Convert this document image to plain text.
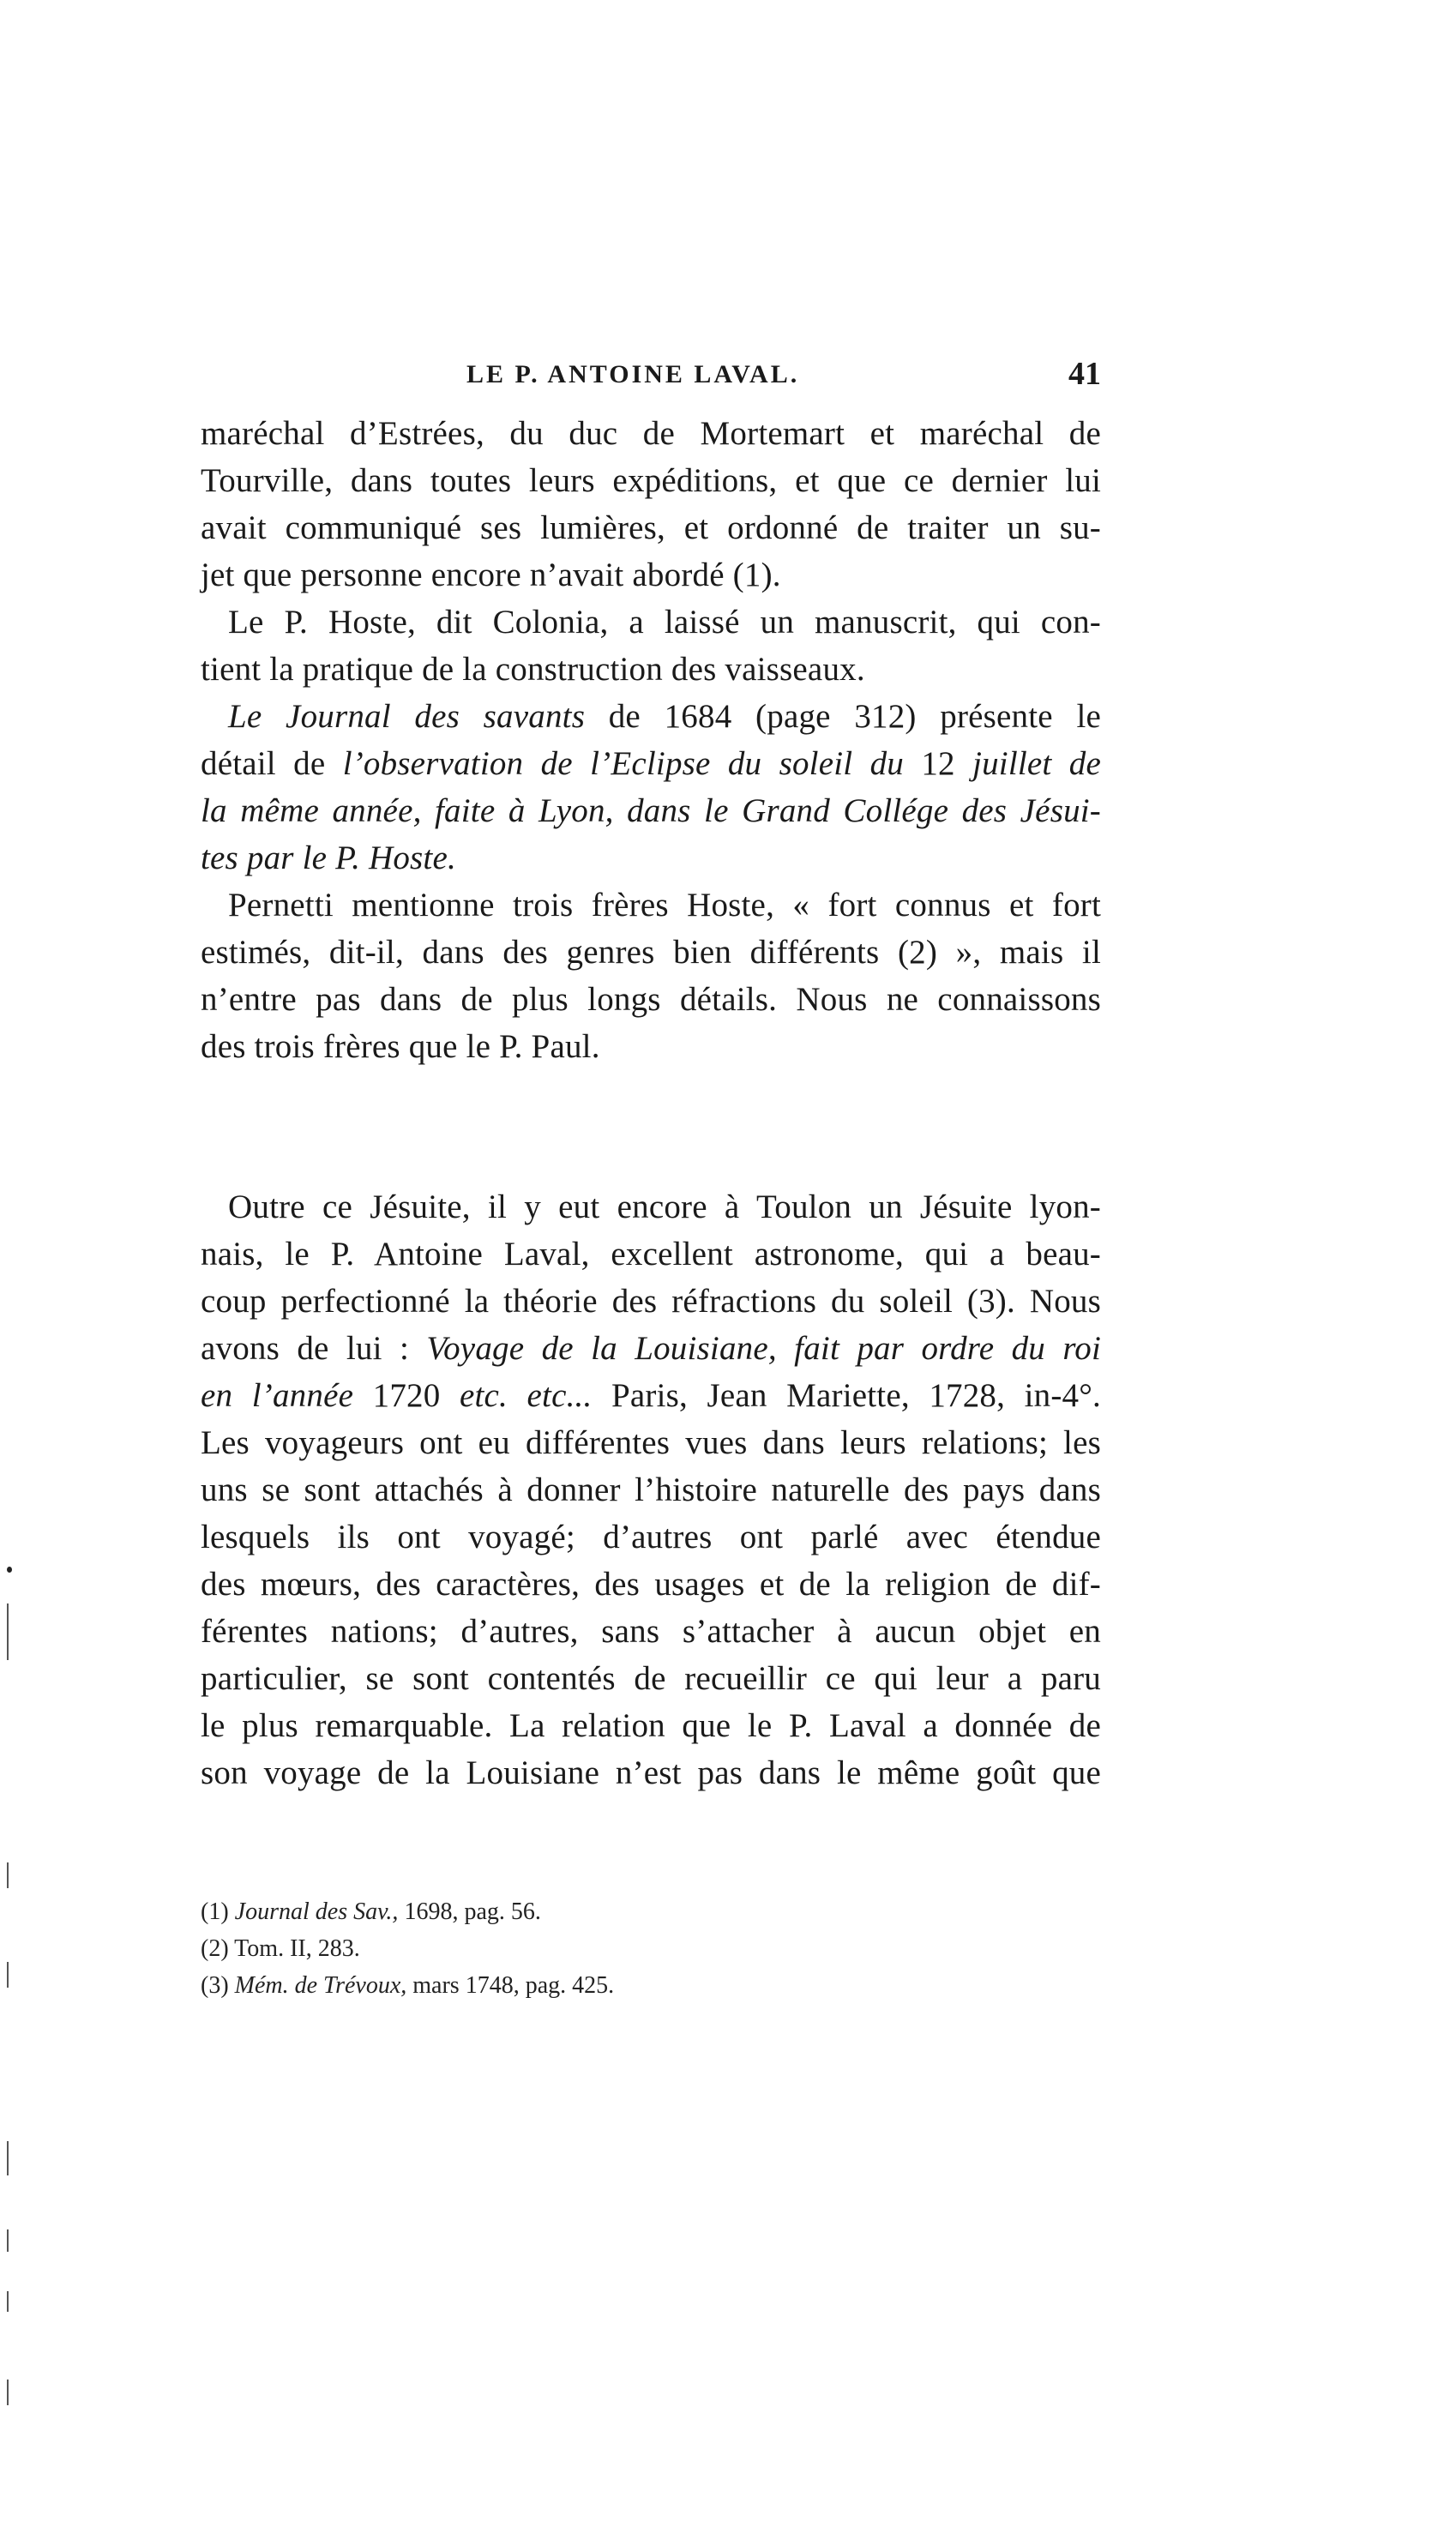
LE P. ANTOINE LAVAL.	41
maréchal d’Estrées, du duc de Mortemart et maréchal de
Tourville, dans toutes leurs expéditions, et que ce dernier lui
avait communiqué ses lumières, et ordonné de traiter un su-
jet que personne encore n’avait abordé (1).
Le P. Hoste, dit Colonia, a laissé un manuscrit, qui con-
tient la pratique de la construction des vaisseaux.
Le Journal des savants de 1684 (page 312) présente le
détail de l’observation de l’Eclipse du soleil du 12 juillet de
la même année, faite à Lyon, dans le Grand Collége des Jésui-
tes par le P. Hoste.
Pernetti mentionne trois frères Hoste, « fort connus et fort
estimés, dit-il, dans des genres bien différents (2) », mais il
n’entre pas dans de plus longs détails. Nous ne connaissons
des trois frères que le P. Paul.
Outre ce Jésuite, il y eut encore à Toulon un Jésuite lyon-
nais, le P. Antoine Laval, excellent astronome, qui a beau-
coup perfectionné la théorie des réfractions du soleil (3). Nous
avons de lui : Voyage de la Louisiane, fait par ordre du roi
en l’année 1720 etc. etc... Paris, Jean Mariette, 1728, in-4°.
Les voyageurs ont eu différentes vues dans leurs relations; les
uns se sont attachés à donner l’histoire naturelle des pays dans
lesquels ils ont voyagé; d’autres ont parlé avec étendue
des mœurs, des caractères, des usages et de la religion de dif-
férentes nations; d’autres, sans s’attacher à aucun objet en
particulier, se sont contentés de recueillir ce qui leur a paru
le plus remarquable. La relation que le P. Laval a donnée de
son voyage de la Louisiane n’est pas dans le même goût que
(1) Journal des Sav., 1698, pag. 56.
(2) Tom. II, 283.
(3) Mém. de Trévoux, mars 1748, pag. 425.
